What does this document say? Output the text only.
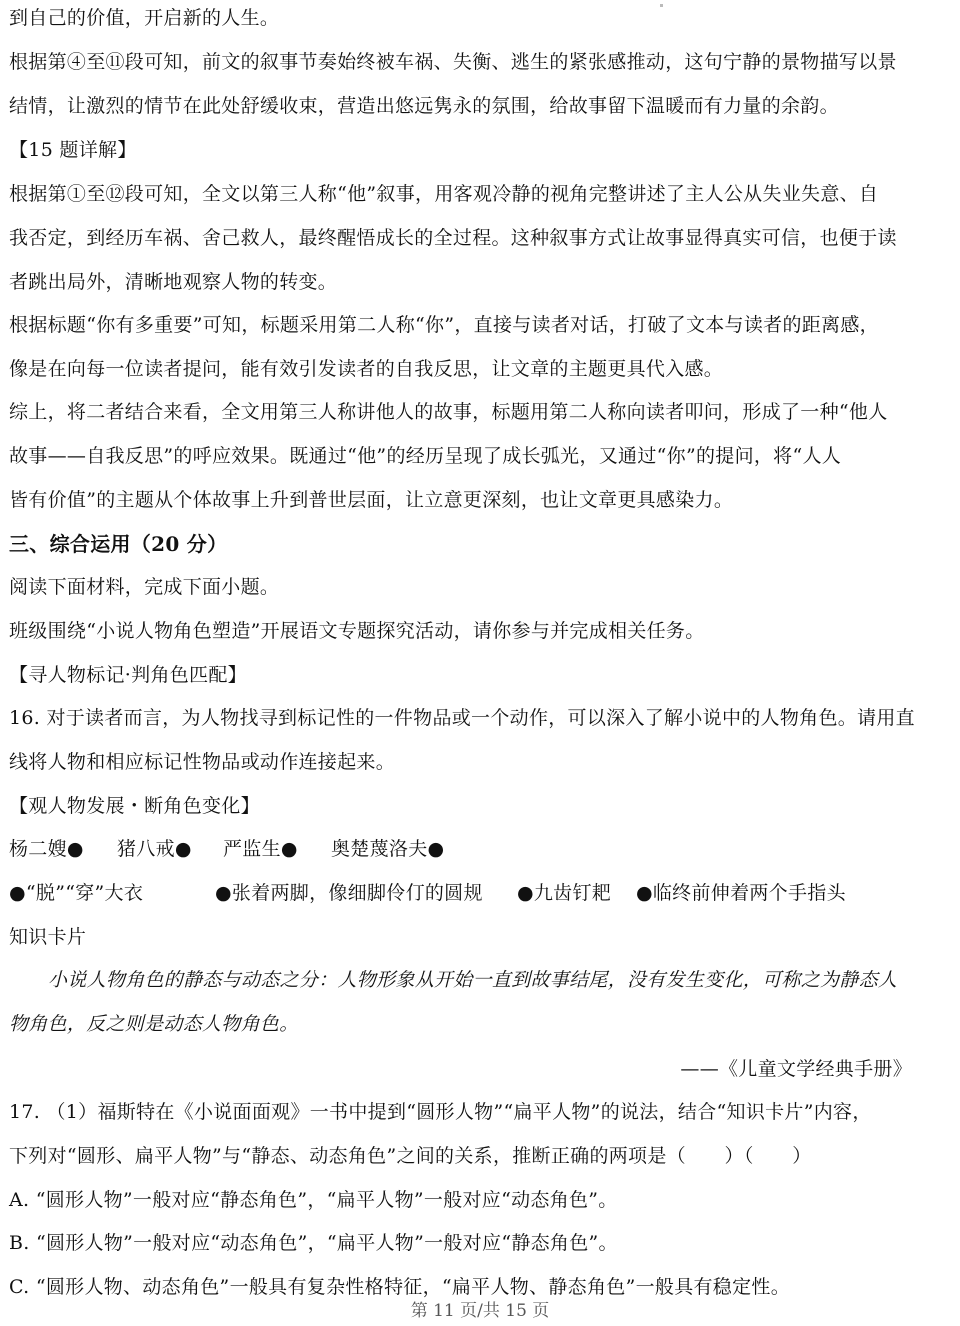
到自己的价值，开启新的人生。
根据第④至⑪段可知，前文的叙事节奏始终被车祸、失衡、逃生的紧张感推动，这句宁静的景物描写以景
结情，让激烈的情节在此处舒缓收束，营造出悠远隽永的氛围，给故事留下温暖而有力量的余韵。
【15 题详解】
根据第①至⑫段可知，全文以第三人称“他”叙事，用客观冷静的视角完整讲述了主人公从失业失意、自
我否定，到经历车祸、舍己救人，最终醒悟成长的全过程。这种叙事方式让故事显得真实可信，也便于读
者跳出局外，清晰地观察人物的转变。
根据标题“你有多重要”可知，标题采用第二人称“你”，直接与读者对话，打破了文本与读者的距离感，
像是在向每一位读者提问，能有效引发读者的自我反思，让文章的主题更具代入感。
综上，将二者结合来看，全文用第三人称讲他人的故事，标题用第二人称向读者叩问，形成了一种“他人
故事——自我反思”的呼应效果。既通过“他”的经历呈现了成长弧光，又通过“你”的提问，将“人人
皆有价值”的主题从个体故事上升到普世层面，让立意更深刻，也让文章更具感染力。
三、综合运用（20 分）
阅读下面材料，完成下面小题。
班级围绕“小说人物角色塑造”开展语文专题探究活动，请你参与并完成相关任务。
【寻人物标记·判角色匹配】
16. 对于读者而言，为人物找寻到标记性的一件物品或一个动作，可以深入了解小说中的人物角色。请用直
线将人物和相应标记性物品或动作连接起来。
【观人物发展・断角色变化】
杨二嫂●	猪八戒●	严监生●	奥楚蔑洛夫●
●“脱”“穿”大衣	●张着两脚，像细脚伶仃的圆规	●九齿钉耙	●临终前伸着两个手指头
知识卡片
小说人物角色的静态与动态之分：人物形象从开始一直到故事结尾，没有发生变化，可称之为静态人
物角色，反之则是动态人物角色。
——《儿童文学经典手册》
17. （1）福斯特在《小说面面观》一书中提到“圆形人物”“扁平人物”的说法，结合“知识卡片”内容，
下列对“圆形、扁平人物”与“静态、动态角色”之间的关系，推断正确的两项是（　　）（　　）
A. “圆形人物”一般对应“静态角色”，“扁平人物”一般对应“动态角色”。
B. “圆形人物”一般对应“动态角色”，“扁平人物”一般对应“静态角色”。
C. “圆形人物、动态角色”一般具有复杂性格特征，“扁平人物、静态角色”一般具有稳定性。
第 11 页/共 15 页
